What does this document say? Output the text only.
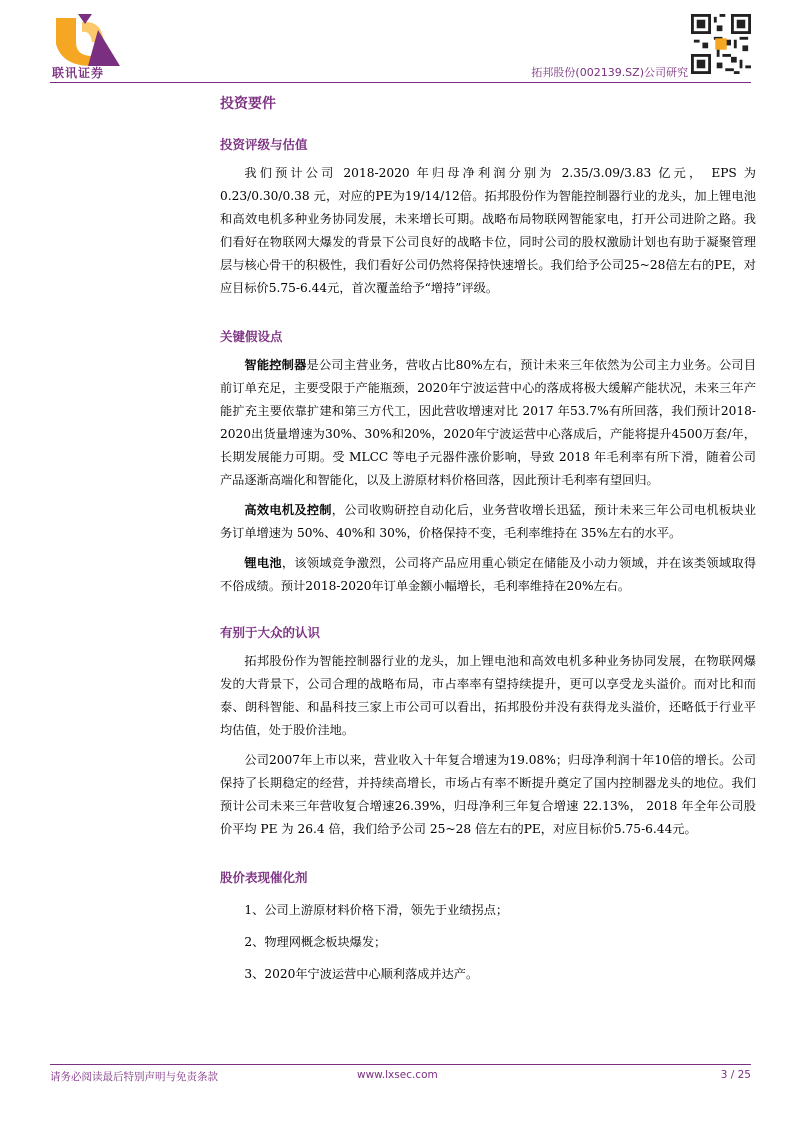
联讯证券	拓邦股份(002139.SZ)公司研究
投资要件
投资评级与估值

我们预计公司 2018-2020 年归母净利润分别为 2.35/3.09/3.83 亿元， EPS 为 0.23/0.30/0.38 元，对应的PE为19/14/12倍。拓邦股份作为智能控制器行业的龙头，加上锂电池和高效电机多种业务协同发展，未来增长可期。战略布局物联网智能家电，打开公司进阶之路。我们看好在物联网大爆发的背景下公司良好的战略卡位，同时公司的股权激励计划也有助于凝聚管理层与核心骨干的积极性，我们看好公司仍然将保持快速增长。我们给予公司25~28倍左右的PE，对应目标价5.75-6.44元，首次覆盖给予“增持”评级。

关键假设点

智能控制器是公司主营业务，营收占比80%左右，预计未来三年依然为公司主力业务。公司目前订单充足，主要受限于产能瓶颈，2020年宁波运营中心的落成将极大缓解产能状况，未来三年产能扩充主要依靠扩建和第三方代工，因此营收增速对比 2017 年53.7%有所回落，我们预计2018-2020出货量增速为30%、30%和20%，2020年宁波运营中心落成后，产能将提升4500万套/年，长期发展能力可期。受 MLCC 等电子元器件涨价影响，导致 2018 年毛利率有所下滑，随着公司产品逐渐高端化和智能化，以及上游原材料价格回落，因此预计毛利率有望回归。

高效电机及控制，公司收购研控自动化后，业务营收增长迅猛，预计未来三年公司电机板块业务订单增速为 50%、40%和 30%，价格保持不变，毛利率维持在 35%左右的水平。

锂电池，该领域竞争激烈，公司将产品应用重心锁定在储能及小动力领域，并在该类领域取得不俗成绩。预计2018-2020年订单金额小幅增长，毛利率维持在20%左右。

有别于大众的认识

拓邦股份作为智能控制器行业的龙头，加上锂电池和高效电机多种业务协同发展，在物联网爆发的大背景下，公司合理的战略布局，市占率率有望持续提升，更可以享受龙头溢价。而对比和而泰、朗科智能、和晶科技三家上市公司可以看出，拓邦股份并没有获得龙头溢价，还略低于行业平均估值，处于股价洼地。

公司2007年上市以来，营业收入十年复合增速为19.08%；归母净利润十年10倍的增长。公司保持了长期稳定的经营，并持续高增长，市场占有率不断提升奠定了国内控制器龙头的地位。我们预计公司未来三年营收复合增速26.39%，归母净利三年复合增速 22.13%， 2018 年全年公司股价平均 PE 为 26.4 倍，我们给予公司 25~28 倍左右的PE，对应目标价5.75-6.44元。

股价表现催化剂

1、公司上游原材料价格下滑，领先于业绩拐点；

2、物理网概念板块爆发；

3、2020年宁波运营中心顺利落成并达产。

请务必阅读最后特别声明与免责条款	www.lxsec.com	3 / 25
